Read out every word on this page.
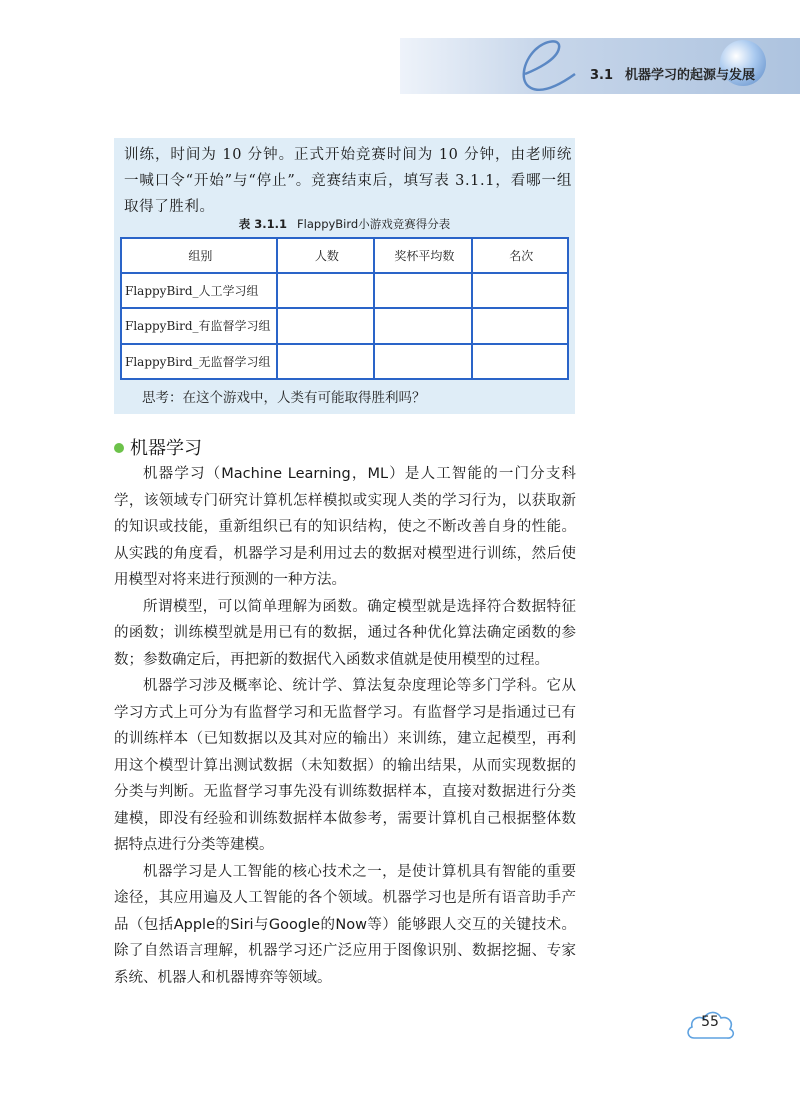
3.1 机器学习的起源与发展
训练，时间为 10 分钟。正式开始竞赛时间为 10 分钟，由老师统一喊口令“开始”与“停止”。竞赛结束后，填写表 3.1.1，看哪一组取得了胜利。
表 3.1.1 FlappyBird小游戏竞赛得分表
组别	人数	奖杯平均数	名次
FlappyBird_人工学习组			
FlappyBird_有监督学习组			
FlappyBird_无监督学习组			
思考：在这个游戏中，人类有可能取得胜利吗？
机器学习

机器学习（Machine Learning，ML）是人工智能的一门分支科学，该领域专门研究计算机怎样模拟或实现人类的学习行为，以获取新的知识或技能，重新组织已有的知识结构，使之不断改善自身的性能。从实践的角度看，机器学习是利用过去的数据对模型进行训练，然后使用模型对将来进行预测的一种方法。

所谓模型，可以简单理解为函数。确定模型就是选择符合数据特征的函数；训练模型就是用已有的数据，通过各种优化算法确定函数的参数；参数确定后，再把新的数据代入函数求值就是使用模型的过程。

机器学习涉及概率论、统计学、算法复杂度理论等多门学科。它从学习方式上可分为有监督学习和无监督学习。有监督学习是指通过已有的训练样本（已知数据以及其对应的输出）来训练，建立起模型，再利用这个模型计算出测试数据（未知数据）的输出结果，从而实现数据的分类与判断。无监督学习事先没有训练数据样本，直接对数据进行分类建模，即没有经验和训练数据样本做参考，需要计算机自己根据整体数据特点进行分类等建模。

机器学习是人工智能的核心技术之一，是使计算机具有智能的重要途径，其应用遍及人工智能的各个领域。机器学习也是所有语音助手产品（包括Apple的Siri与Google的Now等）能够跟人交互的关键技术。除了自然语言理解，机器学习还广泛应用于图像识别、数据挖掘、专家系统、机器人和机器博弈等领域。

55
